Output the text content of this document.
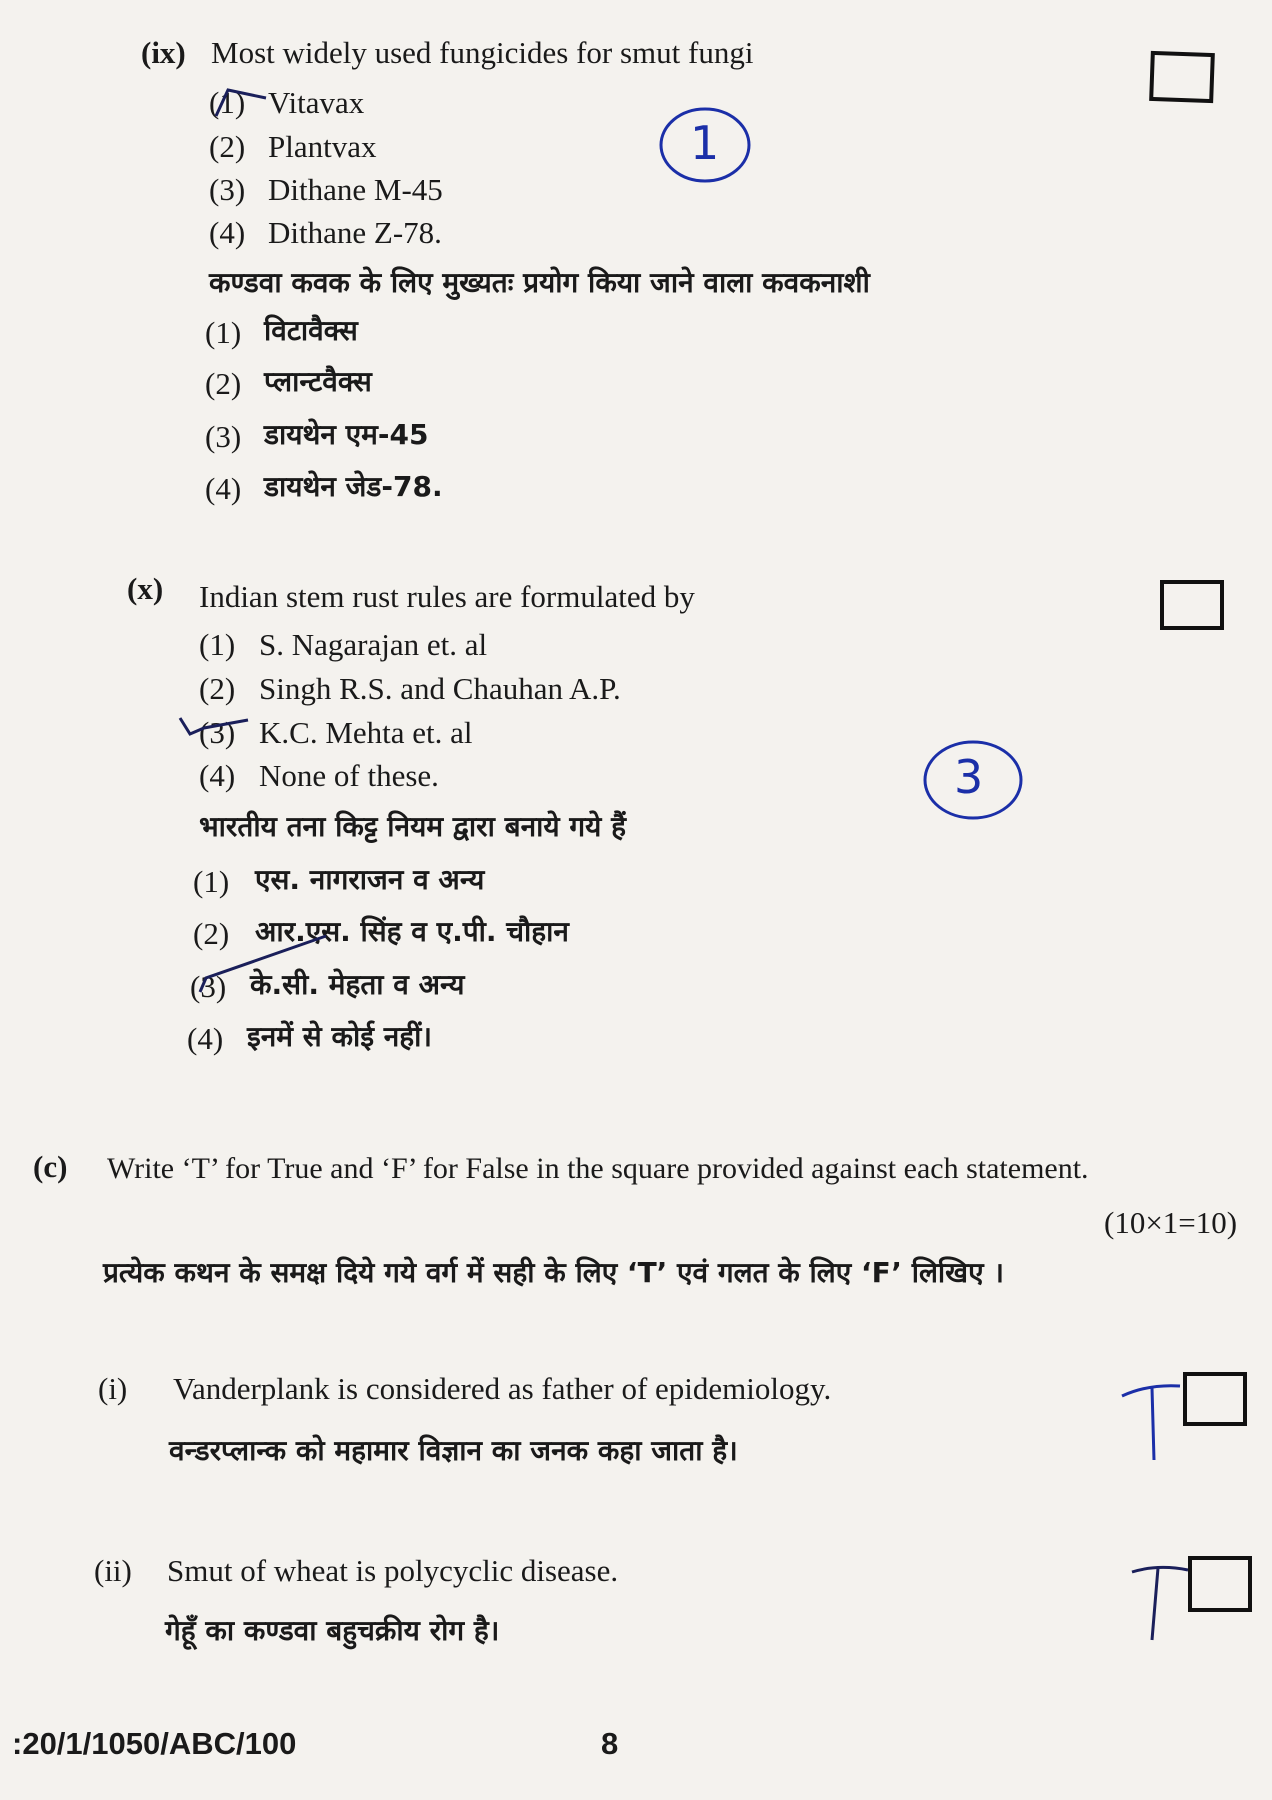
(ix) Most widely used fungicides for smut fungi
(1) Vitavax
(2) Plantvax
(3) Dithane M-45
(4) Dithane Z-78.
कण्डवा कवक के लिए मुख्यतः प्रयोग किया जाने वाला कवकनाशी
(1) विटावैक्स
(2) प्लान्टवैक्स
(3) डायथेन एम-45
(4) डायथेन जेड-78.
1
(x) Indian stem rust rules are formulated by
(1) S. Nagarajan et. al
(2) Singh R.S. and Chauhan A.P.
(3) K.C. Mehta et. al
(4) None of these.
भारतीय तना किट्ट नियम द्वारा बनाये गये हैं
(1) एस. नागराजन व अन्य
(2) आर.एस. सिंह व ए.पी. चौहान
(3) के.सी. मेहता व अन्य
(4) इनमें से कोई नहीं।
3
(c) Write ‘T’ for True and ‘F’ for False in the square provided against each statement.
(10×1=10)
प्रत्येक कथन के समक्ष दिये गये वर्ग में सही के लिए ‘T’ एवं गलत के लिए ‘F’ लिखिए ।
(i) Vanderplank is considered as father of epidemiology.
वन्डरप्लान्क को महामार विज्ञान का जनक कहा जाता है।
(ii) Smut of wheat is polycyclic disease.
गेहूँ का कण्डवा बहुचक्रीय रोग है।
:20/1/1050/ABC/100	8
